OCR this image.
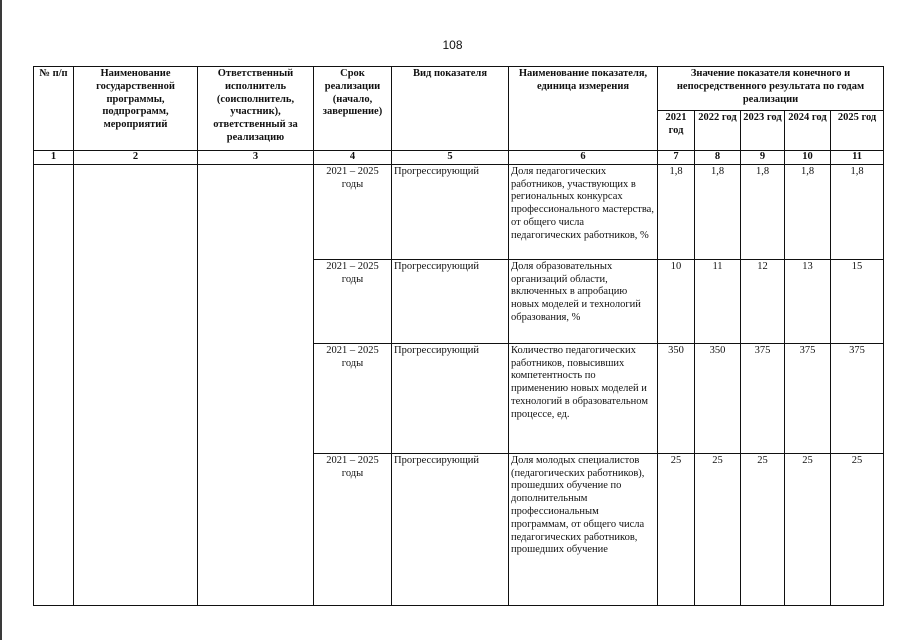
108
№ п/п	Наименование государственной программы, подпрограмм, мероприятий	Ответственный исполнитель (соисполнитель, участник), ответственный за реализацию	Срок реализации (начало, завершение)	Вид показателя	Наименование показателя, единица измерения	Значение показателя конечного и непосредственного результата по годам реализации				
						2021 год	2022 год	2023 год	2024 год	2025 год
1	2	3	4	5	6	7	8	9	10	11
			2021 – 2025 годы	Прогрессирующий	Доля педагогических работников, участвующих в региональных конкурсах профессионального мастерства, от общего числа педагогических работников, %	1,8	1,8	1,8	1,8	1,8
			2021 – 2025 годы	Прогрессирующий	Доля образовательных организаций области, включенных в апробацию новых моделей и технологий образования, %	10	11	12	13	15
			2021 – 2025 годы	Прогрессирующий	Количество педагогических работников, повысивших компетентность по применению новых моделей и технологий в образовательном процессе, ед.	350	350	375	375	375
			2021 – 2025 годы	Прогрессирующий	Доля молодых специалистов (педагогических работников), прошедших обучение по дополнительным профессиональным программам, от общего числа педагогических работников, прошедших обучение	25	25	25	25	25
